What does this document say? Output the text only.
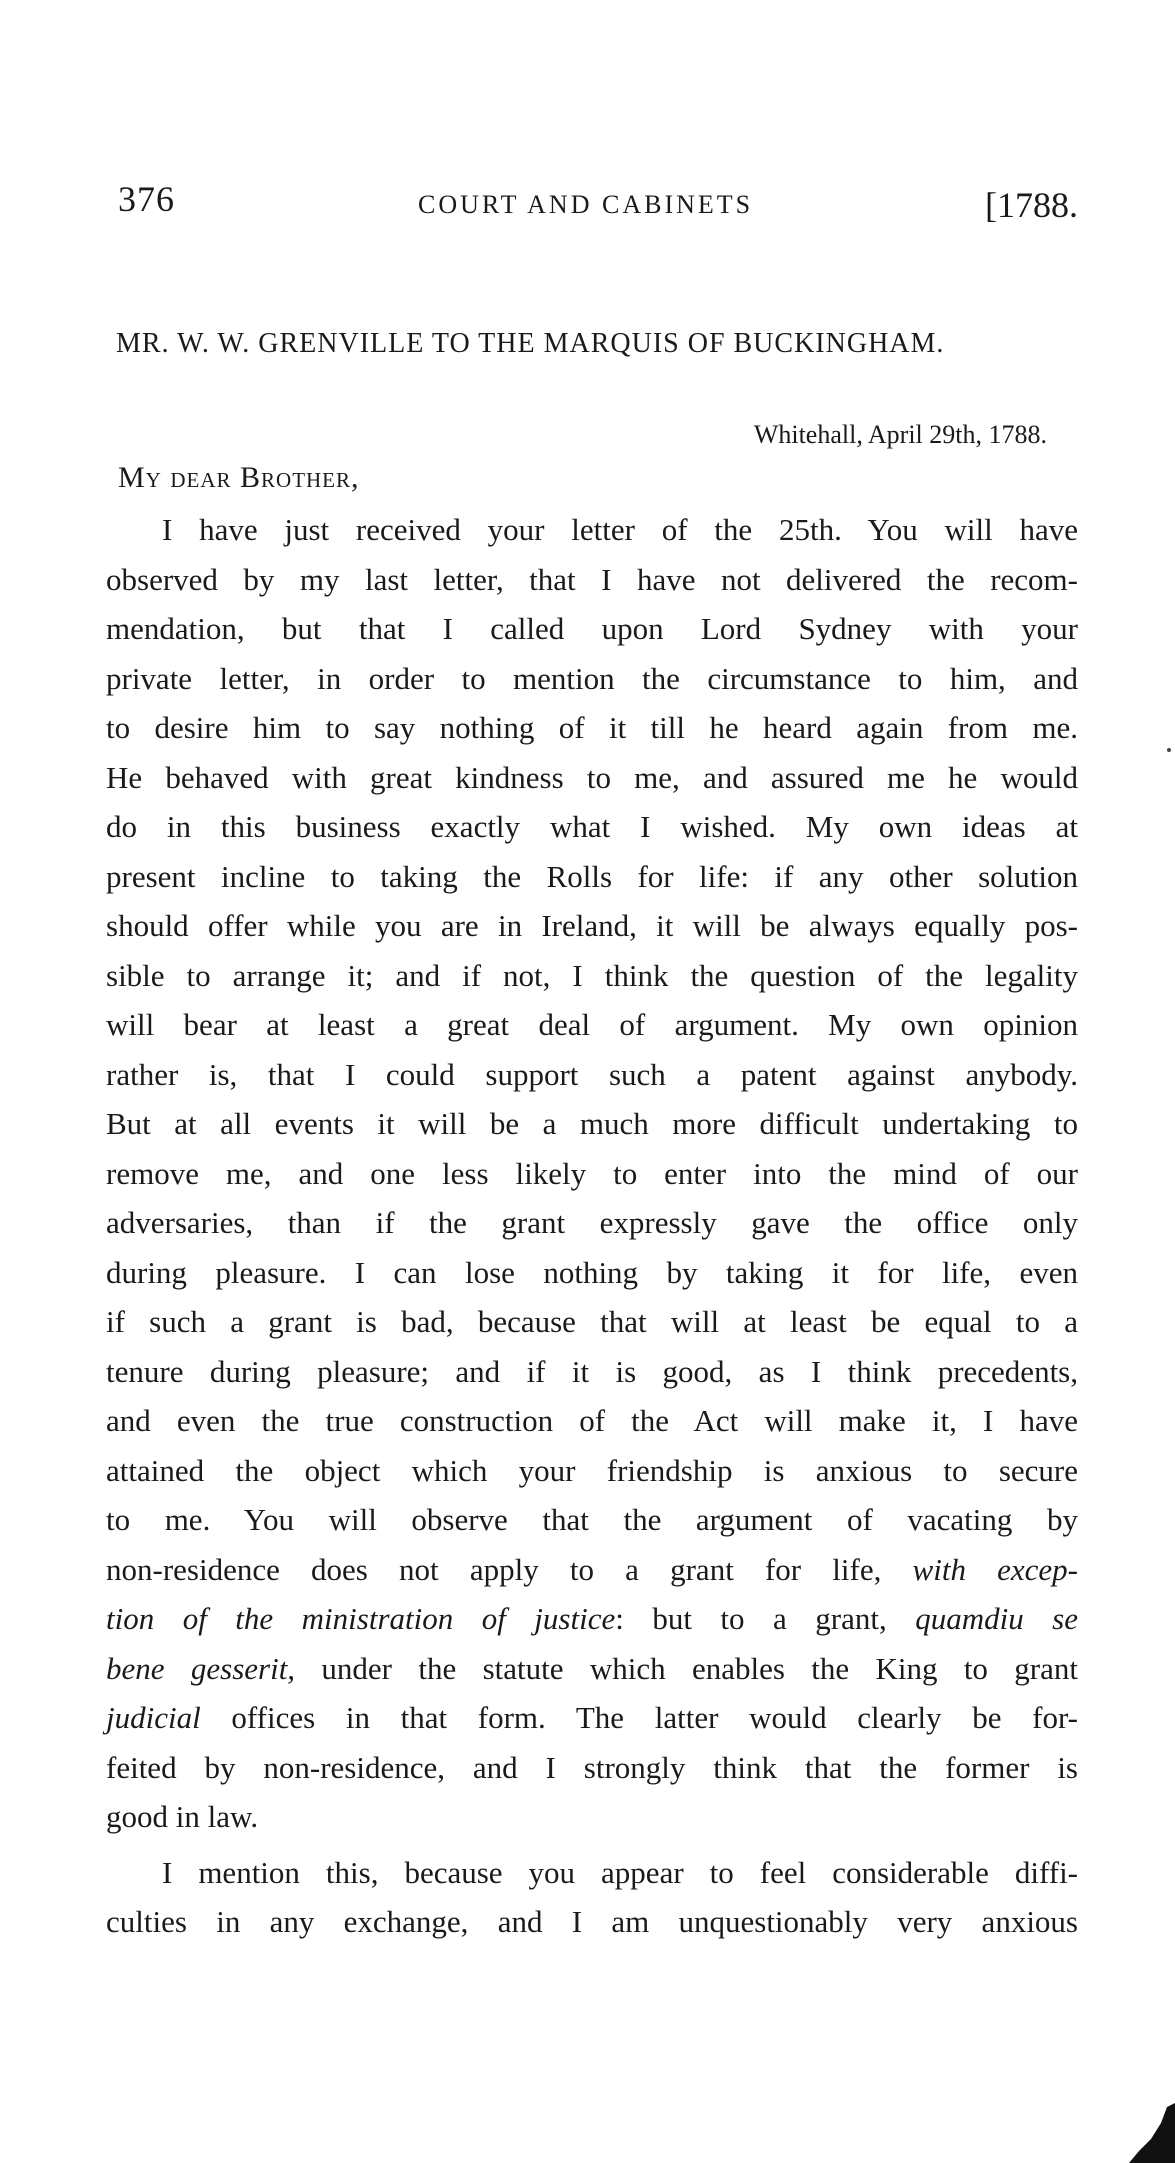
376	COURT AND CABINETS	[1788.
MR. W. W. GRENVILLE TO THE MARQUIS OF BUCKINGHAM.
Whitehall, April 29th, 1788.
My dear Brother,
I have just received your letter of the 25th. You will have
observed by my last letter, that I have not delivered the recom-
mendation, but that I called upon Lord Sydney with your
private letter, in order to mention the circumstance to him, and
to desire him to say nothing of it till he heard again from me.
He behaved with great kindness to me, and assured me he would
do in this business exactly what I wished. My own ideas at
present incline to taking the Rolls for life: if any other solution
should offer while you are in Ireland, it will be always equally pos-
sible to arrange it; and if not, I think the question of the legality
will bear at least a great deal of argument. My own opinion
rather is, that I could support such a patent against anybody.
But at all events it will be a much more difficult undertaking to
remove me, and one less likely to enter into the mind of our
adversaries, than if the grant expressly gave the office only
during pleasure. I can lose nothing by taking it for life, even
if such a grant is bad, because that will at least be equal to a
tenure during pleasure; and if it is good, as I think precedents,
and even the true construction of the Act will make it, I have
attained the object which your friendship is anxious to secure
to me. You will observe that the argument of vacating by
non-residence does not apply to a grant for life, with excep-
tion of the ministration of justice: but to a grant, quamdiu se
bene gesserit, under the statute which enables the King to grant
judicial offices in that form. The latter would clearly be for-
feited by non-residence, and I strongly think that the former is
good in law.
I mention this, because you appear to feel considerable diffi-
culties in any exchange, and I am unquestionably very anxious
